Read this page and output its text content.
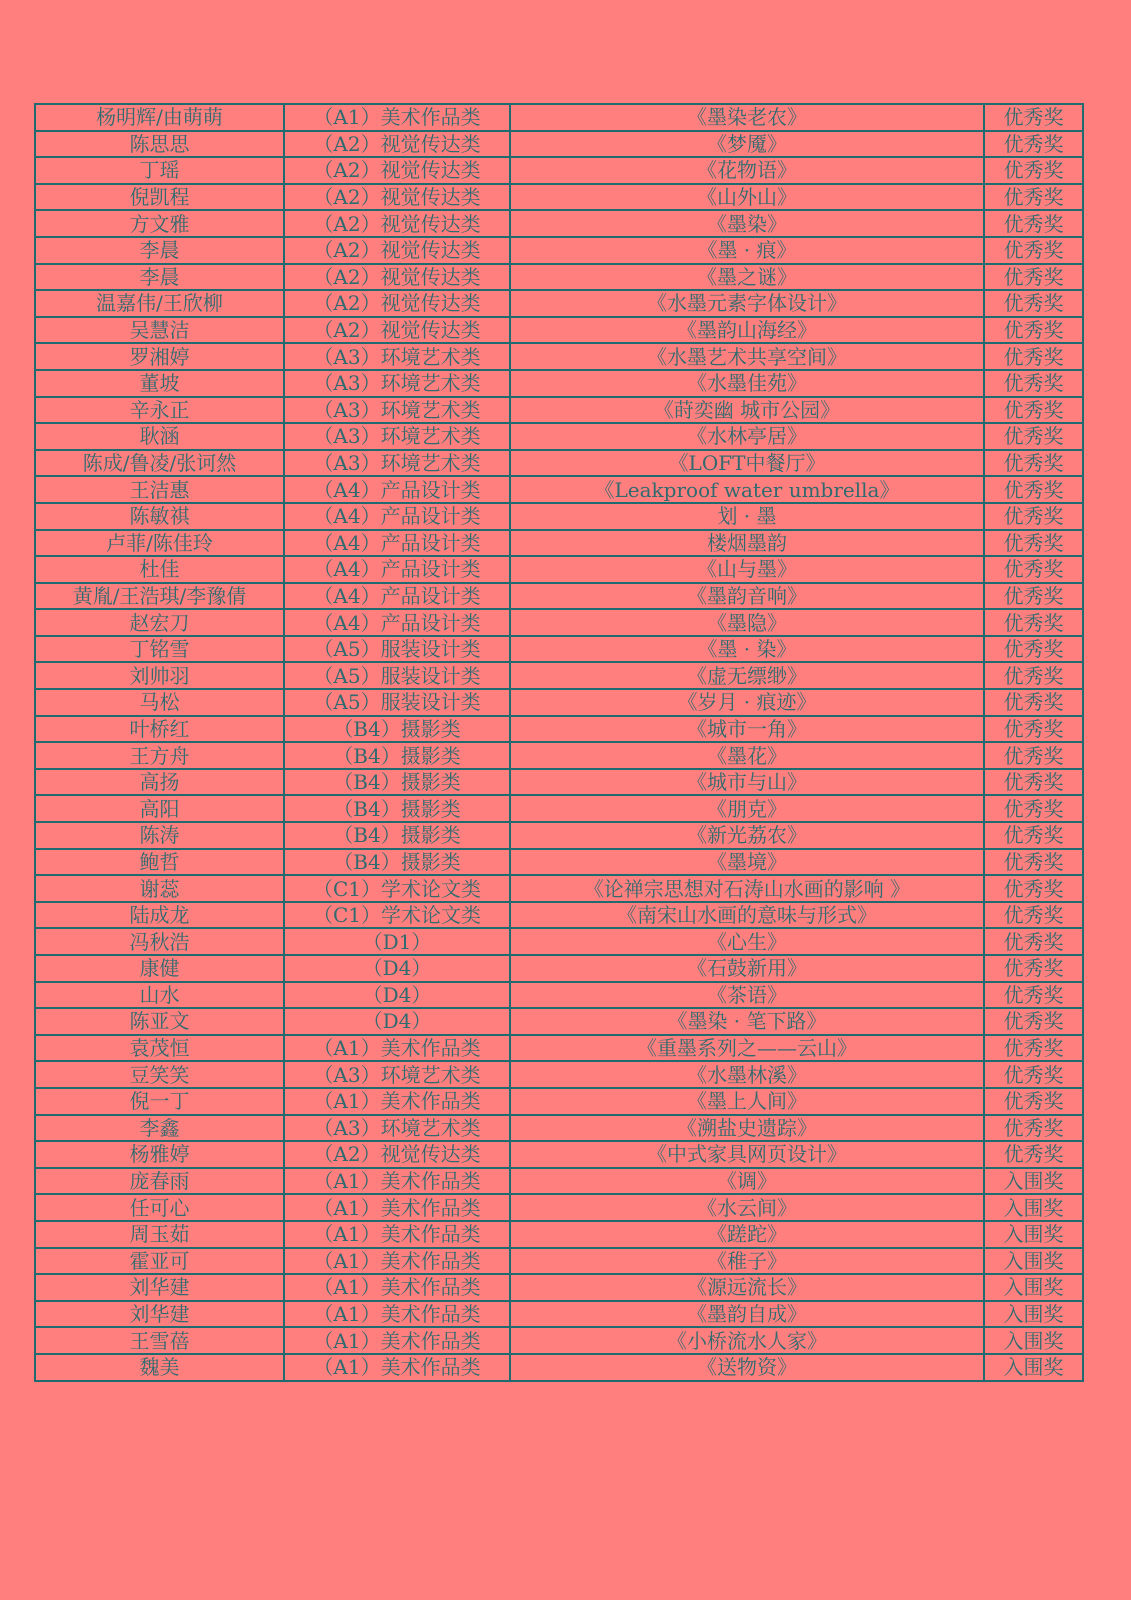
杨明辉/由萌萌	（A1）美术作品类	《墨染老农》	优秀奖
陈思思	（A2）视觉传达类	《梦魇》	优秀奖
丁瑶	（A2）视觉传达类	《花物语》	优秀奖
倪凯程	（A2）视觉传达类	《山外山》	优秀奖
方文雅	（A2）视觉传达类	《墨染》	优秀奖
李晨	（A2）视觉传达类	《墨 · 痕》	优秀奖
李晨	（A2）视觉传达类	《墨之谜》	优秀奖
温嘉伟/王欣柳	（A2）视觉传达类	《水墨元素字体设计》	优秀奖
吴慧洁	（A2）视觉传达类	《墨韵山海经》	优秀奖
罗湘婷	（A3）环境艺术类	《水墨艺术共享空间》	优秀奖
董坡	（A3）环境艺术类	《水墨佳苑》	优秀奖
辛永正	（A3）环境艺术类	《莳奕幽 城市公园》	优秀奖
耿涵	（A3）环境艺术类	《水林亭居》	优秀奖
陈成/鲁凌/张诃然	（A3）环境艺术类	《LOFT中餐厅》	优秀奖
王洁惠	（A4）产品设计类	《Leakproof water umbrella》	优秀奖
陈敏祺	（A4）产品设计类	划 · 墨	优秀奖
卢菲/陈佳玲	（A4）产品设计类	楼烟墨韵	优秀奖
杜佳	（A4）产品设计类	《山与墨》	优秀奖
黄胤/王浩琪/李豫倩	（A4）产品设计类	《墨韵音响》	优秀奖
赵宏刀	（A4）产品设计类	《墨隐》	优秀奖
丁铭雪	（A5）服装设计类	《墨 · 染》	优秀奖
刘帅羽	（A5）服装设计类	《虚无缥缈》	优秀奖
马松	（A5）服装设计类	《岁月 · 痕迹》	优秀奖
叶桥红	（B4）摄影类	《城市一角》	优秀奖
王方舟	（B4）摄影类	《墨花》	优秀奖
高扬	（B4）摄影类	《城市与山》	优秀奖
高阳	（B4）摄影类	《朋克》	优秀奖
陈涛	（B4）摄影类	《新光荔农》	优秀奖
鲍哲	（B4）摄影类	《墨境》	优秀奖
谢蕊	（C1）学术论文类	《论禅宗思想对石涛山水画的影响 》	优秀奖
陆成龙	（C1）学术论文类	《南宋山水画的意味与形式》	优秀奖
冯秋浩	（D1）	《心生》	优秀奖
康健	（D4）	《石鼓新用》	优秀奖
山水	（D4）	《茶语》	优秀奖
陈亚文	（D4）	《墨染 · 笔下路》	优秀奖
袁茂恒	（A1）美术作品类	《重墨系列之——云山》	优秀奖
豆笑笑	（A3）环境艺术类	《水墨林溪》	优秀奖
倪一丁	（A1）美术作品类	《墨上人间》	优秀奖
李鑫	（A3）环境艺术类	《溯盐史遗踪》	优秀奖
杨雅婷	（A2）视觉传达类	《中式家具网页设计》	优秀奖
庞春雨	（A1）美术作品类	《调》	入围奖
任可心	（A1）美术作品类	《水云间》	入围奖
周玉茹	（A1）美术作品类	《蹉跎》	入围奖
霍亚可	（A1）美术作品类	《稚子》	入围奖
刘华建	（A1）美术作品类	《源远流长》	入围奖
刘华建	（A1）美术作品类	《墨韵自成》	入围奖
王雪蓓	（A1）美术作品类	《小桥流水人家》	入围奖
魏美	（A1）美术作品类	《送物资》	入围奖
